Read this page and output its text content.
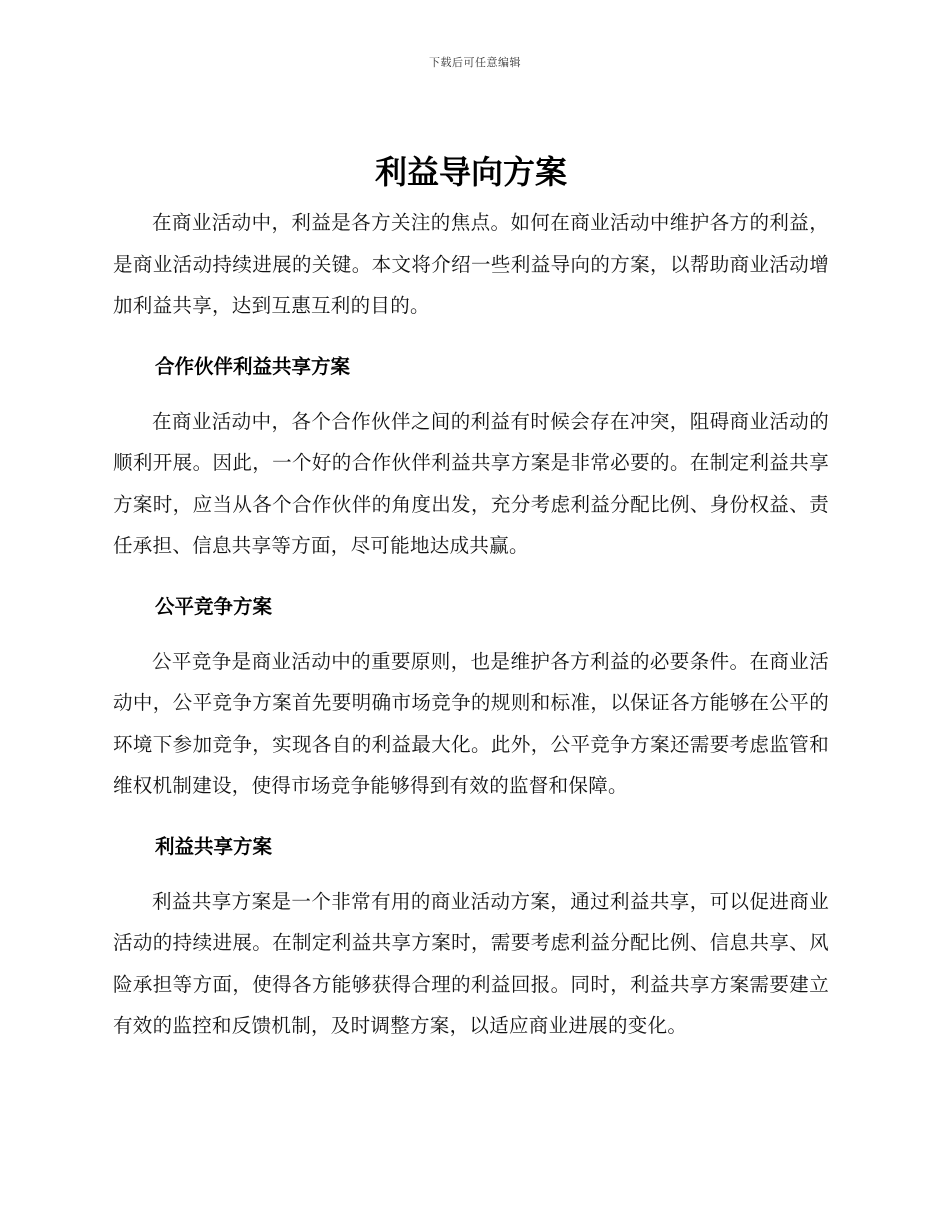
下载后可任意编辑
利益导向方案

在商业活动中，利益是各方关注的焦点。如何在商业活动中维护各方的利益，是商业活动持续进展的关键。本文将介绍一些利益导向的方案，以帮助商业活动增加利益共享，达到互惠互利的目的。

合作伙伴利益共享方案

在商业活动中，各个合作伙伴之间的利益有时候会存在冲突，阻碍商业活动的顺利开展。因此，一个好的合作伙伴利益共享方案是非常必要的。在制定利益共享方案时，应当从各个合作伙伴的角度出发，充分考虑利益分配比例、身份权益、责任承担、信息共享等方面，尽可能地达成共赢。

公平竞争方案

公平竞争是商业活动中的重要原则，也是维护各方利益的必要条件。在商业活动中，公平竞争方案首先要明确市场竞争的规则和标准，以保证各方能够在公平的环境下参加竞争，实现各自的利益最大化。此外，公平竞争方案还需要考虑监管和维权机制建设，使得市场竞争能够得到有效的监督和保障。

利益共享方案

利益共享方案是一个非常有用的商业活动方案，通过利益共享，可以促进商业活动的持续进展。在制定利益共享方案时，需要考虑利益分配比例、信息共享、风险承担等方面，使得各方能够获得合理的利益回报。同时，利益共享方案需要建立有效的监控和反馈机制，及时调整方案，以适应商业进展的变化。
